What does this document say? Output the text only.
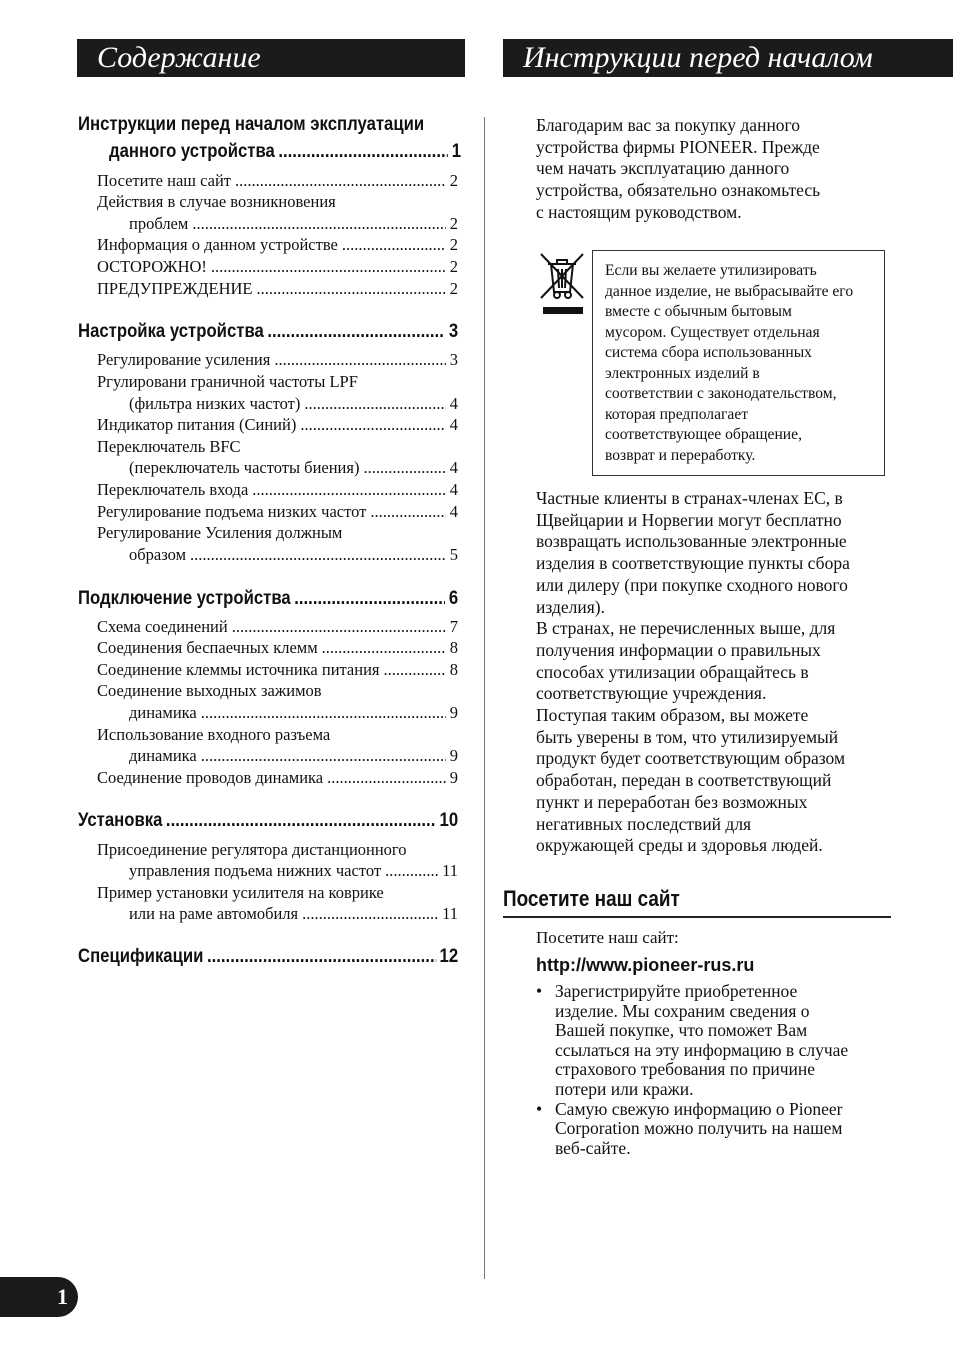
Содержание	Инструкции перед началом
Инструкции перед началом эксплуатации
данного устройства .....	1
Посетите наш сайт .....	2
Действия в случае возникновения
проблем .....	2
Информация о данном устройстве .....	2
ОСТОРОЖНО! .....	2
ПРЕДУПРЕЖДЕНИЕ .....	2
Настройка устройства .....	3
Регулирование усиления .....	3
Ргулировани граничной частоты LPF
(фильтра низких частот) .....	4
Индикатор питания (Синий) .....	4
Переключатель BFC
(переключатель частоты биения) .....	4
Переключатель входа .....	4
Регулирование подъема низких частот .....	4
Регулирование Усиления должным
образом .....	5
Подключение устройства .....	6
Схема соединений .....	7
Соединения беспаечных клемм .....	8
Соединение клеммы источника питания .....	8
Соединение выходных зажимов
динамика .....	9
Использование входного разъема
динамика .....	9
Соединение проводов динамика .....	9
Установка .....	10
Присоединение регулятора дистанционного
управления подъема нижних частот .....	11
Пример установки усилителя на коврике
или на раме автомобиля .....	11
Спецификации .....	12
Благодарим вас за покупку данного
устройства фирмы PIONEER. Прежде
чем начать эксплуатацию данного
устройства, обязательно ознакомьтесь
с настоящим руководством.
Если вы желаете утилизировать
данное изделие, не выбрасывайте его
вместе с обычным бытовым
мусором. Существует отдельная
система сбора использованных
электронных изделий в
соответствии с законодательством,
которая предполагает
соответствующее обращение,
возврат и переработку.
Частные клиенты в странах-членах ЕС, в
Щвейцарии и Норвегии могут бесплатно
возвращать использованные электронные
изделия в соответствующие пункты сбора
или дилеру (при покупке сходного нового
изделия).
В странах, не перечисленных выше, для
получения информации о правильных
способах утилизации обращайтесь в
соответствующие учреждения.
Поступая таким образом, вы можете
быть уверены в том, что утилизируемый
продукт будет соответствующим образом
обработан, передан в соответствующий
пункт и переработан без возможных
негативных последствий для
окружающей среды и здоровья людей.
Посетите наш сайт
Посетите наш сайт:
http://www.pioneer-rus.ru
• Зарегистрируйте приобретенное
изделие. Мы сохраним сведения о
Вашей покупке, что поможет Вам
ссылаться на эту информацию в случае
страхового требования по причине
потери или кражи.
• Самую свежую информацию о Pioneer
Corporation можно получить на нашем
веб-сайте.
1
